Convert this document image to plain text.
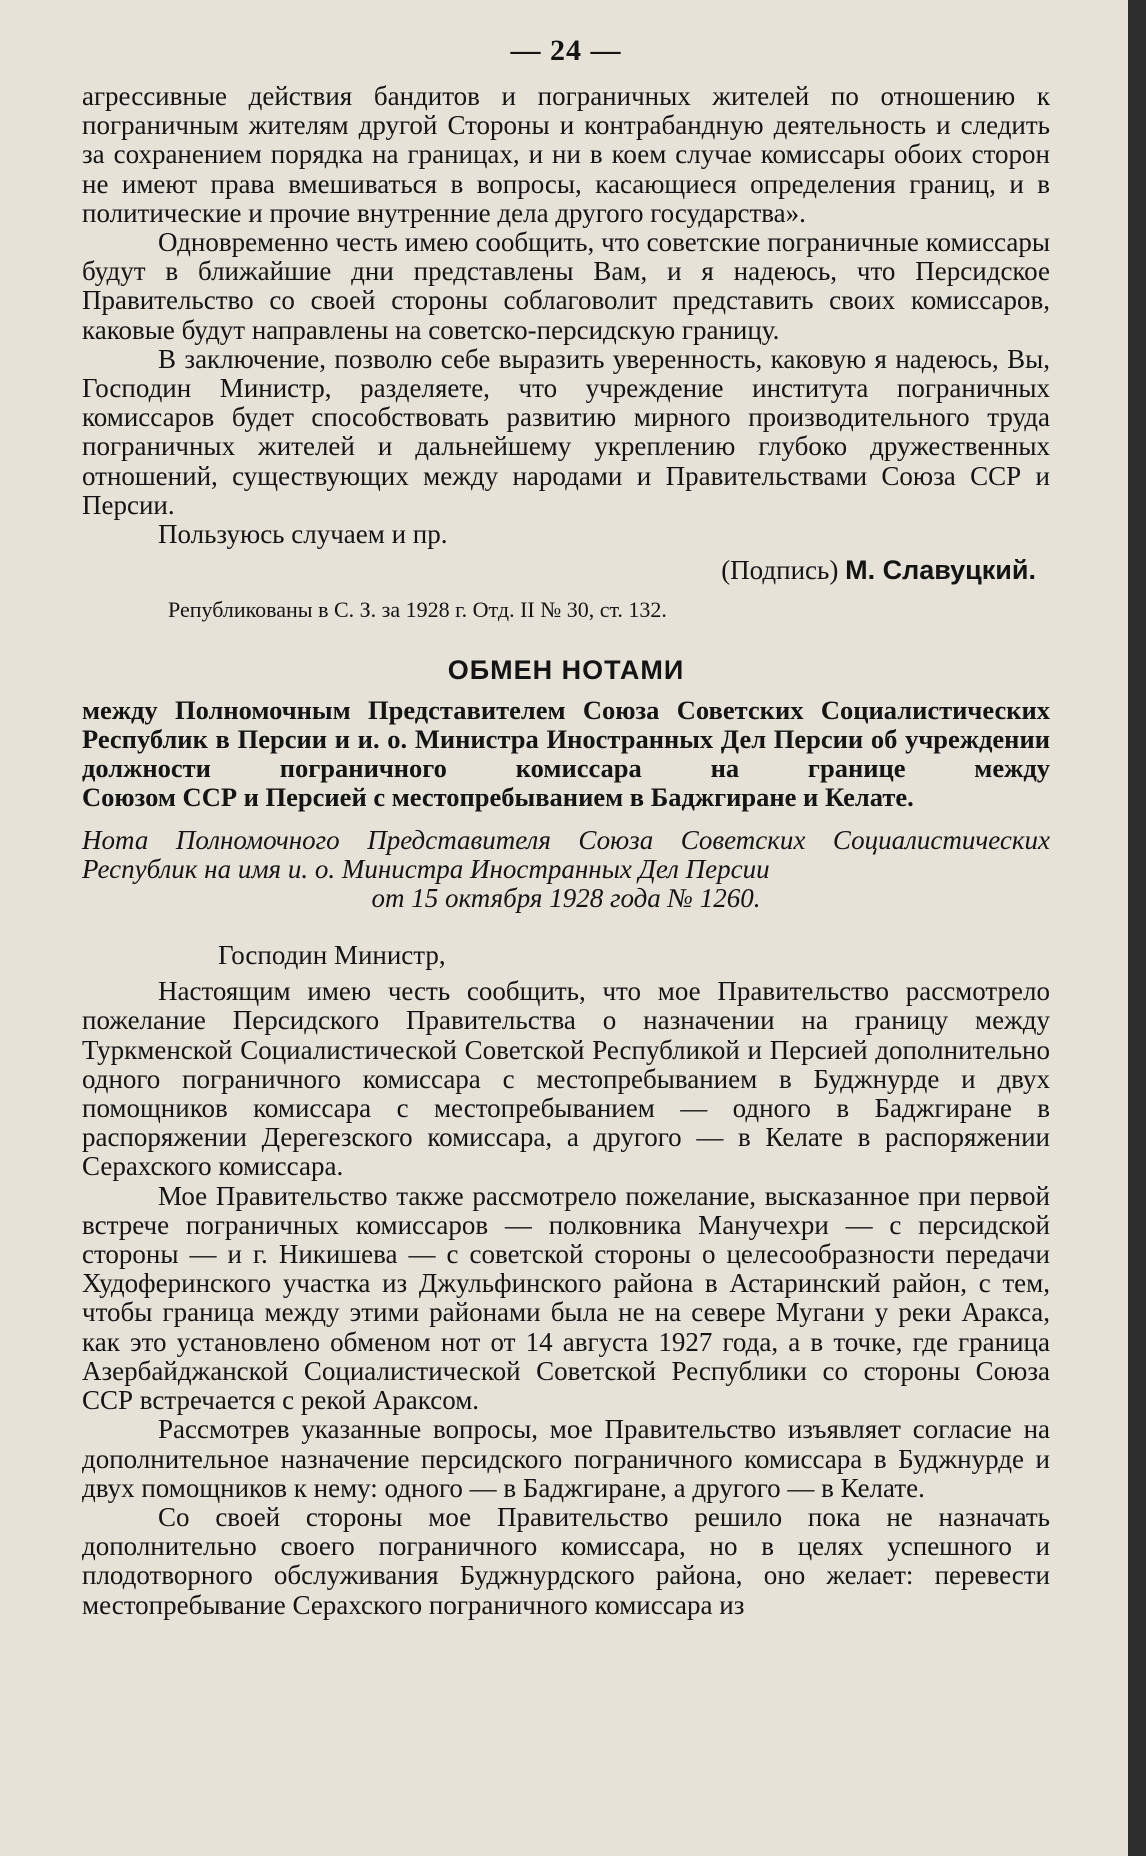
— 24 —

агрессивные действия бандитов и пограничных жителей по отношению к пограничным жителям другой Стороны и контрабандную деятельность и следить за сохранением порядка на границах, и ни в коем случае комиссары обоих сторон не имеют права вмешиваться в вопросы, касающиеся определения границ, и в политические и прочие внутренние дела другого государства».

Одновременно честь имею сообщить, что советские пограничные комиссары будут в ближайшие дни представлены Вам, и я надеюсь, что Персидское Правительство со своей стороны соблаговолит представить своих комиссаров, каковые будут направлены на советско-персидскую границу.

В заключение, позволю себе выразить уверенность, каковую я надеюсь, Вы, Господин Министр, разделяете, что учреждение института пограничных комиссаров будет способствовать развитию мирного производительного труда пограничных жителей и дальнейшему укреплению глубоко дружественных отношений, существующих между народами и Правительствами Союза ССР и Персии.

Пользуюсь случаем и пр.

(Подпись) М. Славуцкий.
Републикованы в С. З. за 1928 г. Отд. II № 30, ст. 132.
ОБМЕН НОТАМИ
между Полномочным Представителем Союза Советских Социалистических Республик в Персии и и. о. Министра Иностранных Дел Персии об учреждении должности пограничного комиссара на границе между
Союзом ССР и Персией с местопребыванием в Баджгиране и Келате.
Нота Полномочного Представителя Союза Советских Социалистических Республик на имя и. о. Министра Иностранных Дел Персии
от 15 октября 1928 года № 1260.
Господин Министр,

Настоящим имею честь сообщить, что мое Правительство рассмотрело пожелание Персидского Правительства о назначении на границу между Туркменской Социалистической Советской Республикой и Персией дополнительно одного пограничного комиссара с местопребыванием в Буджнурде и двух помощников комиссара с местопребыванием — одного в Баджгиране в распоряжении Дерегезского комиссара, а другого — в Келате в распоряжении Серахского комиссара.

Мое Правительство также рассмотрело пожелание, высказанное при первой встрече пограничных комиссаров — полковника Манучехри — с персидской стороны — и г. Никишева — с советской стороны о целесообразности передачи Худоферинского участка из Джульфинского района в Астаринский район, с тем, чтобы граница между этими районами была не на севере Мугани у реки Аракса, как это установлено обменом нот от 14 августа 1927 года, а в точке, где граница Азербайджанской Социалистической Советской Республики со стороны Союза ССР встречается с рекой Араксом.

Рассмотрев указанные вопросы, мое Правительство изъявляет согласие на дополнительное назначение персидского пограничного комиссара в Буджнурде и двух помощников к нему: одного — в Баджгиране, а другого — в Келате.

Со своей стороны мое Правительство решило пока не назначать дополнительно своего пограничного комиссара, но в целях успешного и плодотворного обслуживания Буджнурдского района, оно желает: перевести местопребывание Серахского пограничного комиссара из
